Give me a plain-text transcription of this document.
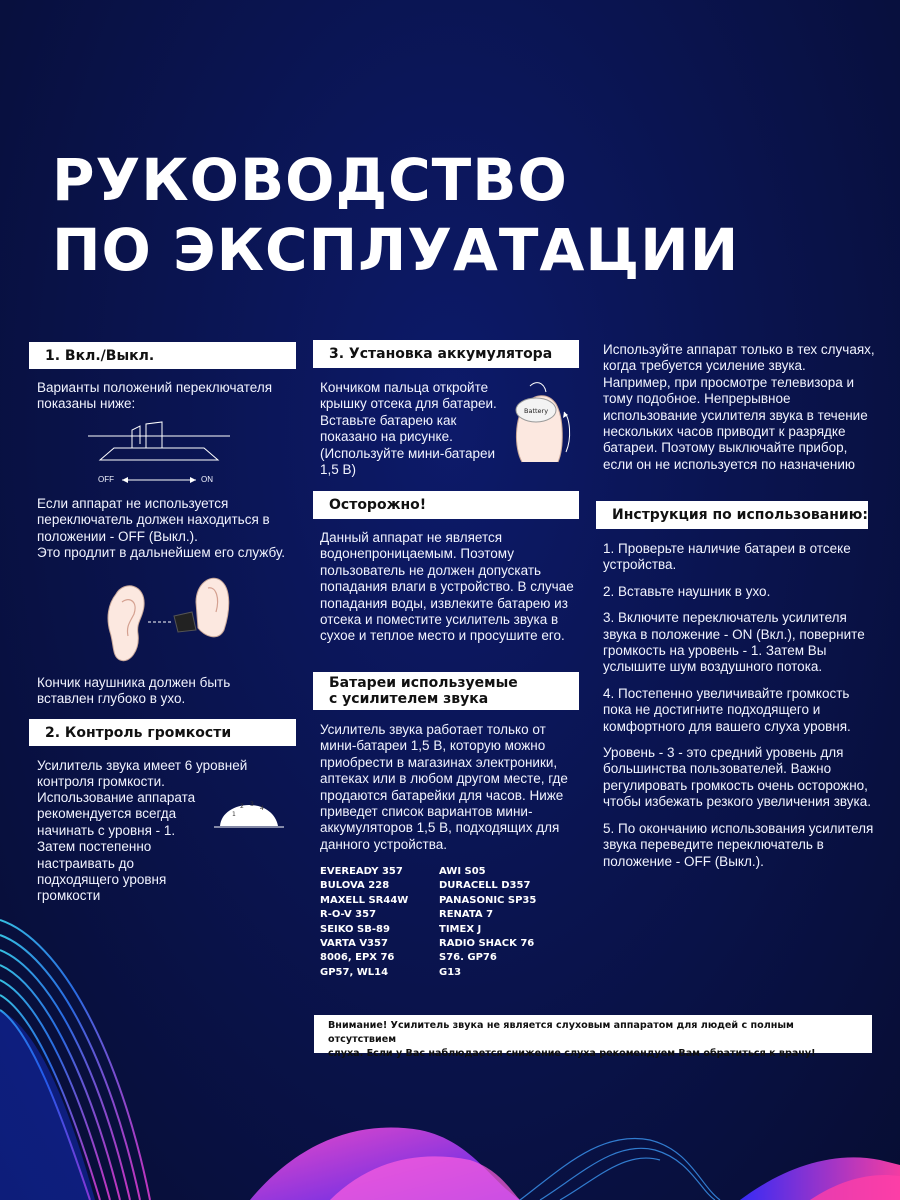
РУКОВОДСТВО
ПО ЭКСПЛУАТАЦИИ
1. Вкл./Выкл.
Варианты положений переключателя показаны ниже:
OFF	ON
Если аппарат не используется переключатель должен находиться в положении - OFF (Выкл.).
Это продлит в дальнейшем его службу.
Кончик наушника должен быть вставлен глубоко в ухо.
2. Контроль громкости
Усилитель звука имеет 6 уровней контроля громкости.
Использование аппарата рекомендуется всегда начинать с уровня - 1. Затем постепенно настраивать до подходящего уровня громкости
1
2 3
4
3. Установка аккумулятора
Кончиком пальца откройте крышку отсека для батареи. Вставьте батарею как показано на рисунке. (Используйте мини-батареи 1,5 В)
Battery
Осторожно!
Данный аппарат не является водонепроницаемым. Поэтому пользователь не должен допускать попадания влаги в устройство. В случае попадания воды, извлеките батарею из отсека и поместите усилитель звука в сухое и теплое место и просушите его.
Батареи используемые
с усилителем звука
Усилитель звука работает только от мини-батареи 1,5 В, которую можно приобрести в магазинах электроники, аптеках или в любом другом месте, где продаются батарейки для часов. Ниже приведет список вариантов мини-аккумуляторов 1,5 В, подходящих для данного устройства.
EVEREADY 357
BULOVA 228
MAXELL SR44W
R-O-V 357
SEIKO SB-89
VARTA V357
8006, EPX 76
GP57, WL14
AWI S05
DURACELL D357
PANASONIC SP35
RENATA 7
TIMEX J
RADIO SHACK 76
S76. GP76
G13
Используйте аппарат только в тех случаях, когда требуется усиление звука. Например, при просмотре телевизора и тому подобное. Непрерывное использование усилителя звука в течение нескольких часов приводит к разрядке батареи. Поэтому выключайте прибор, если он не используется по назначению
Инструкция по использованию:

1. Проверьте наличие батареи в отсеке устройства.

2. Вставьте наушник в ухо.

3. Включите переключатель усилителя звука в положение - ON (Вкл.), поверните громкость на уровень - 1. Затем Вы услышите шум воздушного потока.

4. Постепенно увеличивайте громкость пока не достигните подходящего и комфортного для вашего слуха уровня.

Уровень - 3 - это средний уровень для большинства пользователей. Важно регулировать громкость очень осторожно, чтобы избежать резкого увеличения звука.

5. По окончанию использования усилителя звука переведите переключатель в положение - OFF (Выкл.).

Внимание! Усилитель звука не является слуховым аппаратом для людей с полным отсутствием
слуха. Если у Вас наблюдается снижение слуха рекомендуем Вам обратиться к врачу!
